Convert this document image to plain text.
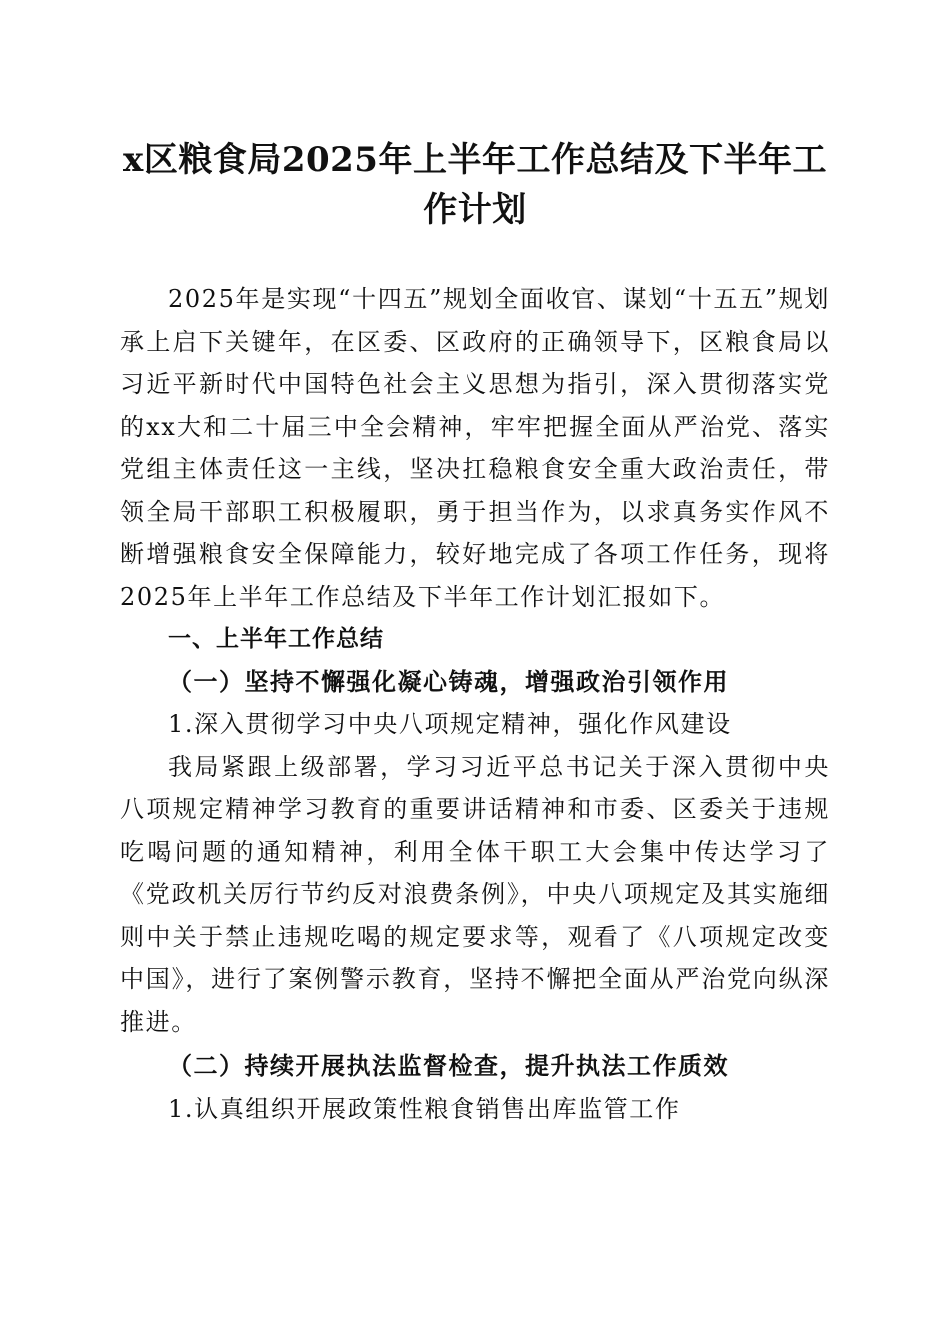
x区粮食局2025年上半年工作总结及下半年工作计划

2025年是实现“十四五”规划全面收官、谋划“十五五”规划承上启下关键年，在区委、区政府的正确领导下，区粮食局以习近平新时代中国特色社会主义思想为指引，深入贯彻落实党的xx大和二十届三中全会精神，牢牢把握全面从严治党、落实党组主体责任这一主线，坚决扛稳粮食安全重大政治责任，带领全局干部职工积极履职，勇于担当作为，以求真务实作风不断增强粮食安全保障能力，较好地完成了各项工作任务，现将2025年上半年工作总结及下半年工作计划汇报如下。

一、上半年工作总结

（一）坚持不懈强化凝心铸魂，增强政治引领作用

1.深入贯彻学习中央八项规定精神，强化作风建设

我局紧跟上级部署，学习习近平总书记关于深入贯彻中央八项规定精神学习教育的重要讲话精神和市委、区委关于违规吃喝问题的通知精神，利用全体干职工大会集中传达学习了《党政机关厉行节约反对浪费条例》，中央八项规定及其实施细则中关于禁止违规吃喝的规定要求等，观看了《八项规定改变中国》，进行了案例警示教育，坚持不懈把全面从严治党向纵深推进。

（二）持续开展执法监督检查，提升执法工作质效

1.认真组织开展政策性粮食销售出库监管工作
